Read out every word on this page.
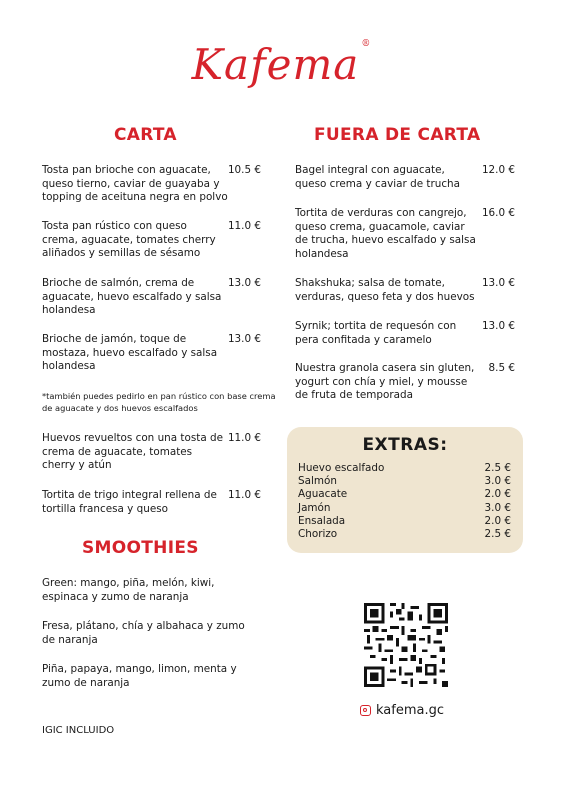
Kafema ®
CARTA	FUERA DE CARTA
Tosta pan brioche con aguacate, queso tierno, caviar de guayaba y topping de aceituna negra en polvo
10.5 €
Tosta pan rústico con queso crema, aguacate, tomates cherry aliñados y semillas de sésamo
11.0 €
Brioche de salmón, crema de aguacate, huevo escalfado y salsa holandesa
13.0 €
Brioche de jamón, toque de mostaza, huevo escalfado y salsa holandesa
13.0 €
*también puedes pedirlo en pan rústico con base crema de aguacate y dos huevos escalfados
Huevos revueltos con una tosta de crema de aguacate, tomates cherry y atún
11.0 €
Tortita de trigo integral rellena de tortilla francesa y queso
11.0 €
Bagel integral con aguacate, queso crema y caviar de trucha
12.0 €
Tortita de verduras con cangrejo, queso crema, guacamole, caviar de trucha, huevo escalfado y salsa holandesa
16.0 €
Shakshuka; salsa de tomate, verduras, queso feta y dos huevos
13.0 €
Syrnik; tortita de requesón con pera confitada y caramelo
13.0 €
Nuestra granola casera sin gluten, yogurt con chía y miel, y mousse de fruta de temporada
8.5 €
EXTRAS:
Huevo escalfado	2.5 €
Salmón	3.0 €
Aguacate	2.0 €
Jamón	3.0 €
Ensalada	2.0 €
Chorizo	2.5 €
SMOOTHIES
Green: mango, piña, melón, kiwi, espinaca y zumo de naranja
Fresa, plátano, chía y albahaca y zumo de naranja
Piña, papaya, mango, limon, menta y zumo de naranja
IGIC INCLUIDO
kafema.gc
